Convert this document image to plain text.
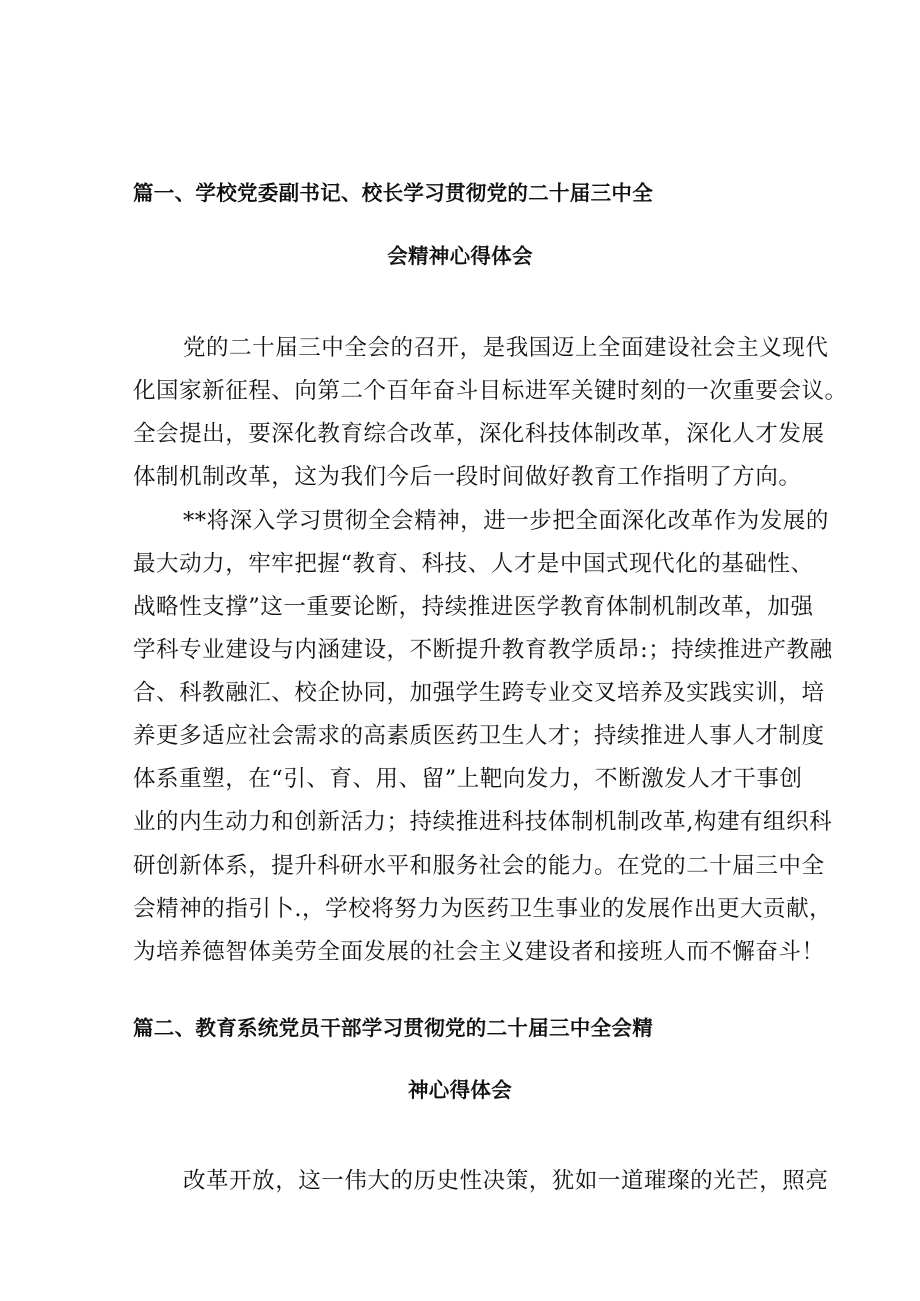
篇一、学校党委副书记、校长学习贯彻党的二十届三中全
会精神心得体会

党的二十届三中全会的召开，是我国迈上全面建设社会主义现代

化国家新征程、向第二个百年奋斗目标进军关键时刻的一次重要会议。

全会提出，要深化教育综合改革，深化科技体制改革，深化人才发展

体制机制改革，这为我们今后一段时间做好教育工作指明了方向。

**将深入学习贯彻全会精神，进一步把全面深化改革作为发展的

最大动力，牢牢把握“教育、科技、人才是中国式现代化的基础性、

战略性支撑”这一重要论断，持续推进医学教育体制机制改革，加强

学科专业建设与内涵建设，不断提升教育教学质昂:；持续推进产教融

合、科教融汇、校企协同，加强学生跨专业交叉培养及实践实训，培

养更多适应社会需求的高素质医药卫生人才；持续推进人事人才制度

体系重塑，在“引、育、用、留”上靶向发力，不断激发人才干事创

业的内生动力和创新活力；持续推进科技体制机制改革,构建有组织科

研创新体系，提升科研水平和服务社会的能力。在党的二十届三中全

会精神的指引卜.，学校将努力为医药卫生事业的发展作出更大贡献，

为培养德智体美劳全面发展的社会主义建设者和接班人而不懈奋斗！

篇二、教育系统党员干部学习贯彻党的二十届三中全会精
神心得体会

改革开放，这一伟大的历史性决策，犹如一道璀璨的光芒，照亮
